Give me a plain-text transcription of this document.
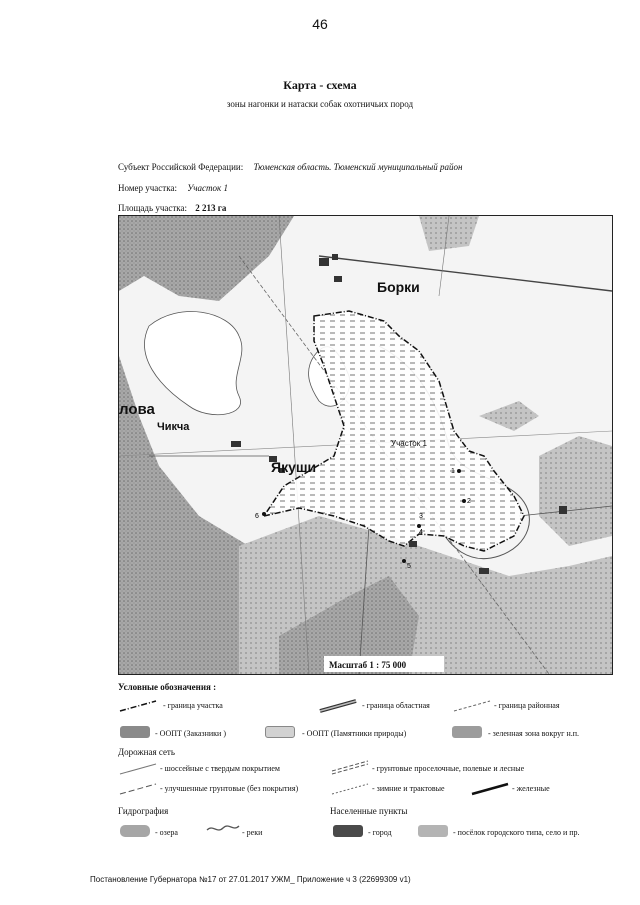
46
Карта - схема
зоны нагонки и натаски собак охотничьих пород
Субъект Российской Федерации: Тюменская область. Тюменский муниципальный район
Номер участка: Участок 1
Площадь участка: 2 213 га
Борки
Якуши
Чикча
лова
Участок 1
1
2
3
4
5
6
Масштаб 1 : 75 000
Условные обозначения :
- граница участка	- граница областная	- граница районная
- ООПТ (Заказники )	- ООПТ (Памятники природы)	- зеленная зона вокруг н.п.
Дорожная сеть
- шоссейные с твердым покрытием	- грунтовые проселочные, полевые и лесные
- улучшенные грунтовые (без покрытия)	- зимние и трактовые	- железные
Гидрография	Населенные пункты
- озера	- реки	- город	- посёлок городского типа, село и пр.
Постановление Губернатора №17 от 27.01.2017 УЖМ_ Приложение ч 3 (22699309 v1)
